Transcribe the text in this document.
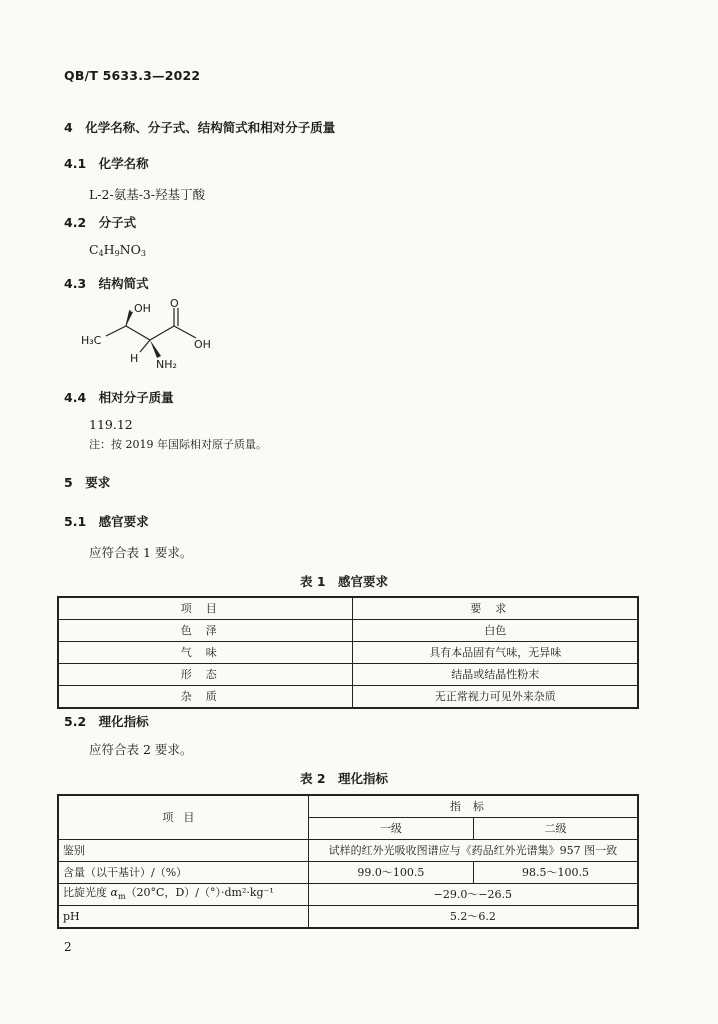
QB/T 5633.3—2022
4　化学名称、分子式、结构简式和相对分子质量
4.1　化学名称
L-2-氨基-3-羟基丁酸
4.2　分子式
$C_4H_9NO_3$
4.3　结构简式
OH O
H₃C	OH
H NH₂
4.4　相对分子质量
119.12
注：按 2019 年国际相对原子质量。
5　要求
5.1　感官要求
应符合表 1 要求。
表 1　感官要求
项目	要求
色泽	白色
气味	具有本品固有气味，无异味
形态	结晶或结晶性粉末
杂质	无正常视力可见外来杂质
5.2　理化指标
应符合表 2 要求。
表 2　理化指标
项目	指标	
	一级	二级
鉴别	试样的红外光吸收图谱应与《药品红外光谱集》957 图一致	
含量（以干基计）/（%）	99.0～100.5	98.5～100.5
比旋光度 $\alpha_m(20^\circ C$，D）/（°）·dm²·kg⁻¹	−29.0～−26.5	
pH	5.2～6.2	
2
